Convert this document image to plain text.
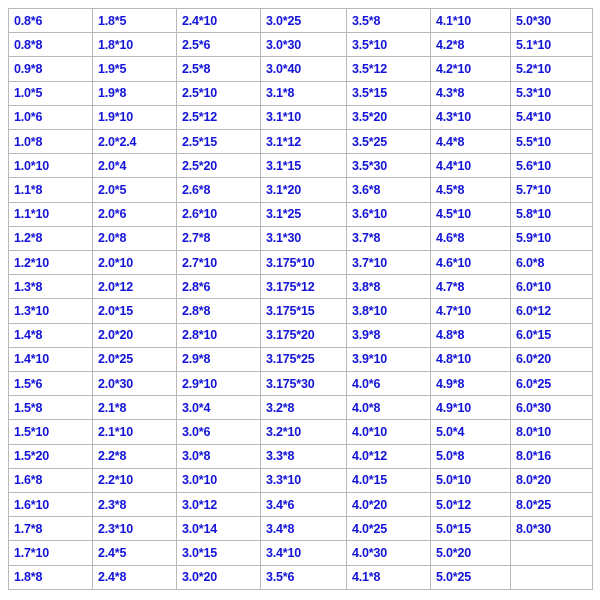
0.8*6	1.8*5	2.4*10	3.0*25	3.5*8	4.1*10	5.0*30
0.8*8	1.8*10	2.5*6	3.0*30	3.5*10	4.2*8	5.1*10
0.9*8	1.9*5	2.5*8	3.0*40	3.5*12	4.2*10	5.2*10
1.0*5	1.9*8	2.5*10	3.1*8	3.5*15	4.3*8	5.3*10
1.0*6	1.9*10	2.5*12	3.1*10	3.5*20	4.3*10	5.4*10
1.0*8	2.0*2.4	2.5*15	3.1*12	3.5*25	4.4*8	5.5*10
1.0*10	2.0*4	2.5*20	3.1*15	3.5*30	4.4*10	5.6*10
1.1*8	2.0*5	2.6*8	3.1*20	3.6*8	4.5*8	5.7*10
1.1*10	2.0*6	2.6*10	3.1*25	3.6*10	4.5*10	5.8*10
1.2*8	2.0*8	2.7*8	3.1*30	3.7*8	4.6*8	5.9*10
1.2*10	2.0*10	2.7*10	3.175*10	3.7*10	4.6*10	6.0*8
1.3*8	2.0*12	2.8*6	3.175*12	3.8*8	4.7*8	6.0*10
1.3*10	2.0*15	2.8*8	3.175*15	3.8*10	4.7*10	6.0*12
1.4*8	2.0*20	2.8*10	3.175*20	3.9*8	4.8*8	6.0*15
1.4*10	2.0*25	2.9*8	3.175*25	3.9*10	4.8*10	6.0*20
1.5*6	2.0*30	2.9*10	3.175*30	4.0*6	4.9*8	6.0*25
1.5*8	2.1*8	3.0*4	3.2*8	4.0*8	4.9*10	6.0*30
1.5*10	2.1*10	3.0*6	3.2*10	4.0*10	5.0*4	8.0*10
1.5*20	2.2*8	3.0*8	3.3*8	4.0*12	5.0*8	8.0*16
1.6*8	2.2*10	3.0*10	3.3*10	4.0*15	5.0*10	8.0*20
1.6*10	2.3*8	3.0*12	3.4*6	4.0*20	5.0*12	8.0*25
1.7*8	2.3*10	3.0*14	3.4*8	4.0*25	5.0*15	8.0*30
1.7*10	2.4*5	3.0*15	3.4*10	4.0*30	5.0*20	
1.8*8	2.4*8	3.0*20	3.5*6	4.1*8	5.0*25	
